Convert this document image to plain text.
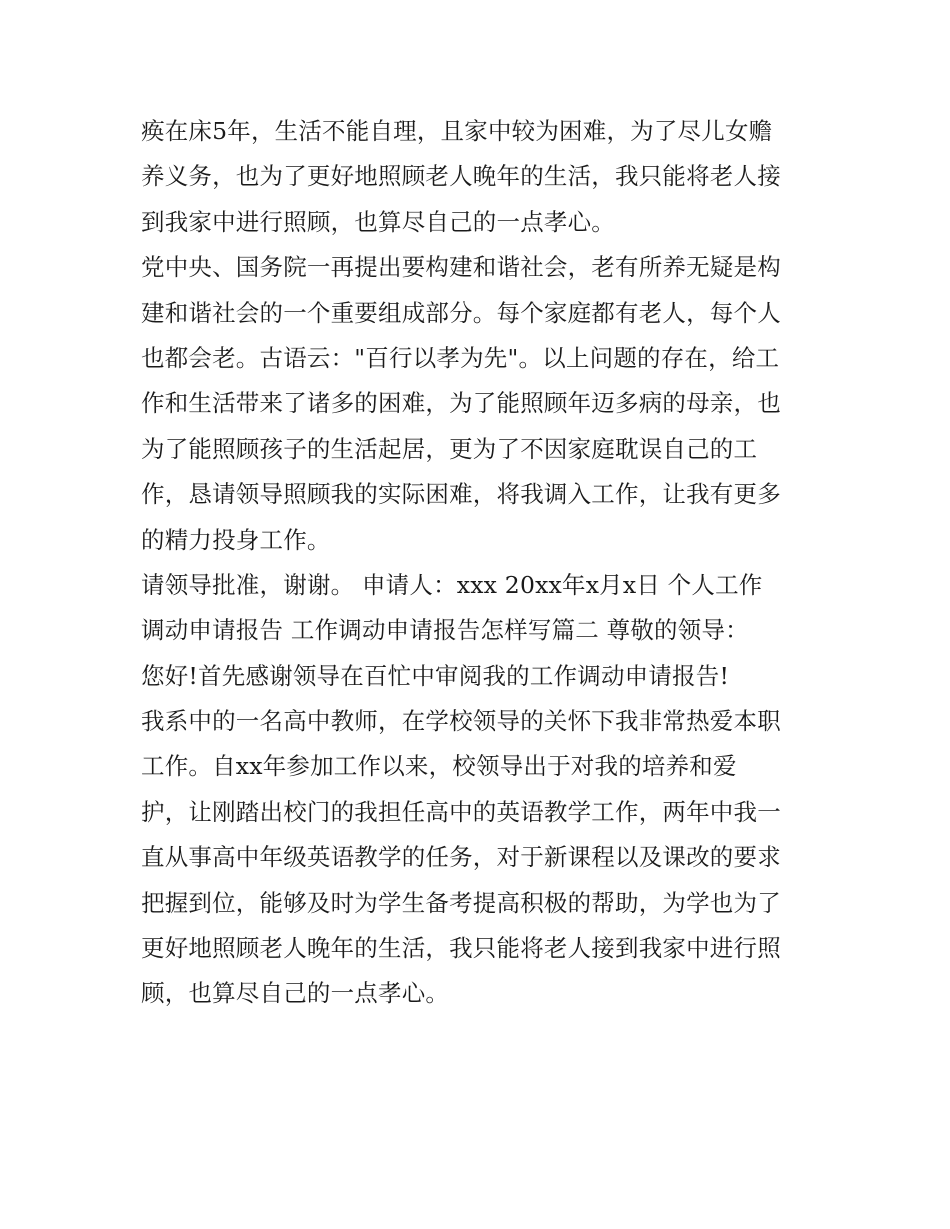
痪在床5年，生活不能自理，且家中较为困难，为了尽儿女赡
养义务，也为了更好地照顾老人晚年的生活，我只能将老人接
到我家中进行照顾，也算尽自己的一点孝心。
党中央、国务院一再提出要构建和谐社会，老有所养无疑是构
建和谐社会的一个重要组成部分。每个家庭都有老人，每个人
也都会老。古语云："百行以孝为先"。以上问题的存在，给工
作和生活带来了诸多的困难，为了能照顾年迈多病的母亲，也
为了能照顾孩子的生活起居，更为了不因家庭耽误自己的工
作，恳请领导照顾我的实际困难，将我调入工作，让我有更多
的精力投身工作。
请领导批准，谢谢。 申请人：xxx 20xx年x月x日 个人工作
调动申请报告 工作调动申请报告怎样写篇二 尊敬的领导：
您好!首先感谢领导在百忙中审阅我的工作调动申请报告!
我系中的一名高中教师，在学校领导的关怀下我非常热爱本职
工作。自xx年参加工作以来，校领导出于对我的培养和爱
护，让刚踏出校门的我担任高中的英语教学工作，两年中我一
直从事高中年级英语教学的任务，对于新课程以及课改的要求
把握到位，能够及时为学生备考提高积极的帮助，为学也为了
更好地照顾老人晚年的生活，我只能将老人接到我家中进行照
顾，也算尽自己的一点孝心。
